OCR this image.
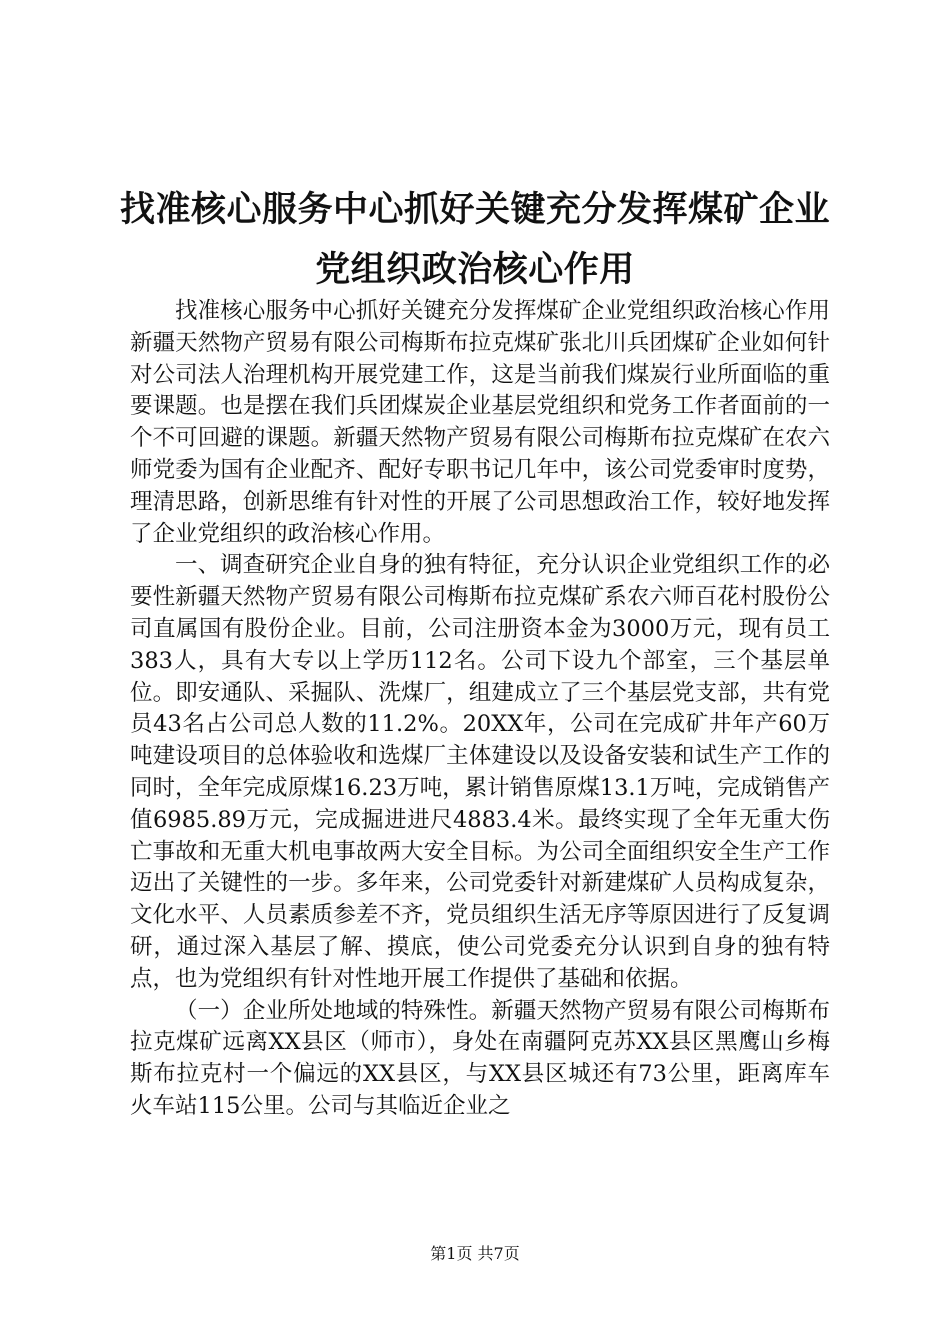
找准核心服务中心抓好关键充分发挥煤矿企业
党组织政治核心作用

找准核心服务中心抓好关键充分发挥煤矿企业党组织政治核心作用新疆天然物产贸易有限公司梅斯布拉克煤矿张北川兵团煤矿企业如何针对公司法人治理机构开展党建工作，这是当前我们煤炭行业所面临的重要课题。也是摆在我们兵团煤炭企业基层党组织和党务工作者面前的一个不可回避的课题。新疆天然物产贸易有限公司梅斯布拉克煤矿在农六师党委为国有企业配齐、配好专职书记几年中，该公司党委审时度势，理清思路，创新思维有针对性的开展了公司思想政治工作，较好地发挥了企业党组织的政治核心作用。

一、调查研究企业自身的独有特征，充分认识企业党组织工作的必要性新疆天然物产贸易有限公司梅斯布拉克煤矿系农六师百花村股份公司直属国有股份企业。目前，公司注册资本金为3000万元，现有员工383人，具有大专以上学历112名。公司下设九个部室，三个基层单位。即安通队、采掘队、洗煤厂，组建成立了三个基层党支部，共有党员43名占公司总人数的11.2%。20XX年，公司在完成矿井年产60万吨建设项目的总体验收和选煤厂主体建设以及设备安装和试生产工作的同时，全年完成原煤16.23万吨，累计销售原煤13.1万吨，完成销售产值6985.89万元，完成掘进进尺4883.4米。最终实现了全年无重大伤亡事故和无重大机电事故两大安全目标。为公司全面组织安全生产工作迈出了关键性的一步。多年来，公司党委针对新建煤矿人员构成复杂，文化水平、人员素质参差不齐，党员组织生活无序等原因进行了反复调研，通过深入基层了解、摸底，使公司党委充分认识到自身的独有特点，也为党组织有针对性地开展工作提供了基础和依据。

（一）企业所处地域的特殊性。新疆天然物产贸易有限公司梅斯布拉克煤矿远离XX县区（师市），身处在南疆阿克苏XX县区黑鹰山乡梅斯布拉克村一个偏远的XX县区，与XX县区城还有73公里，距离库车火车站115公里。公司与其临近企业之

第1页 共7页
